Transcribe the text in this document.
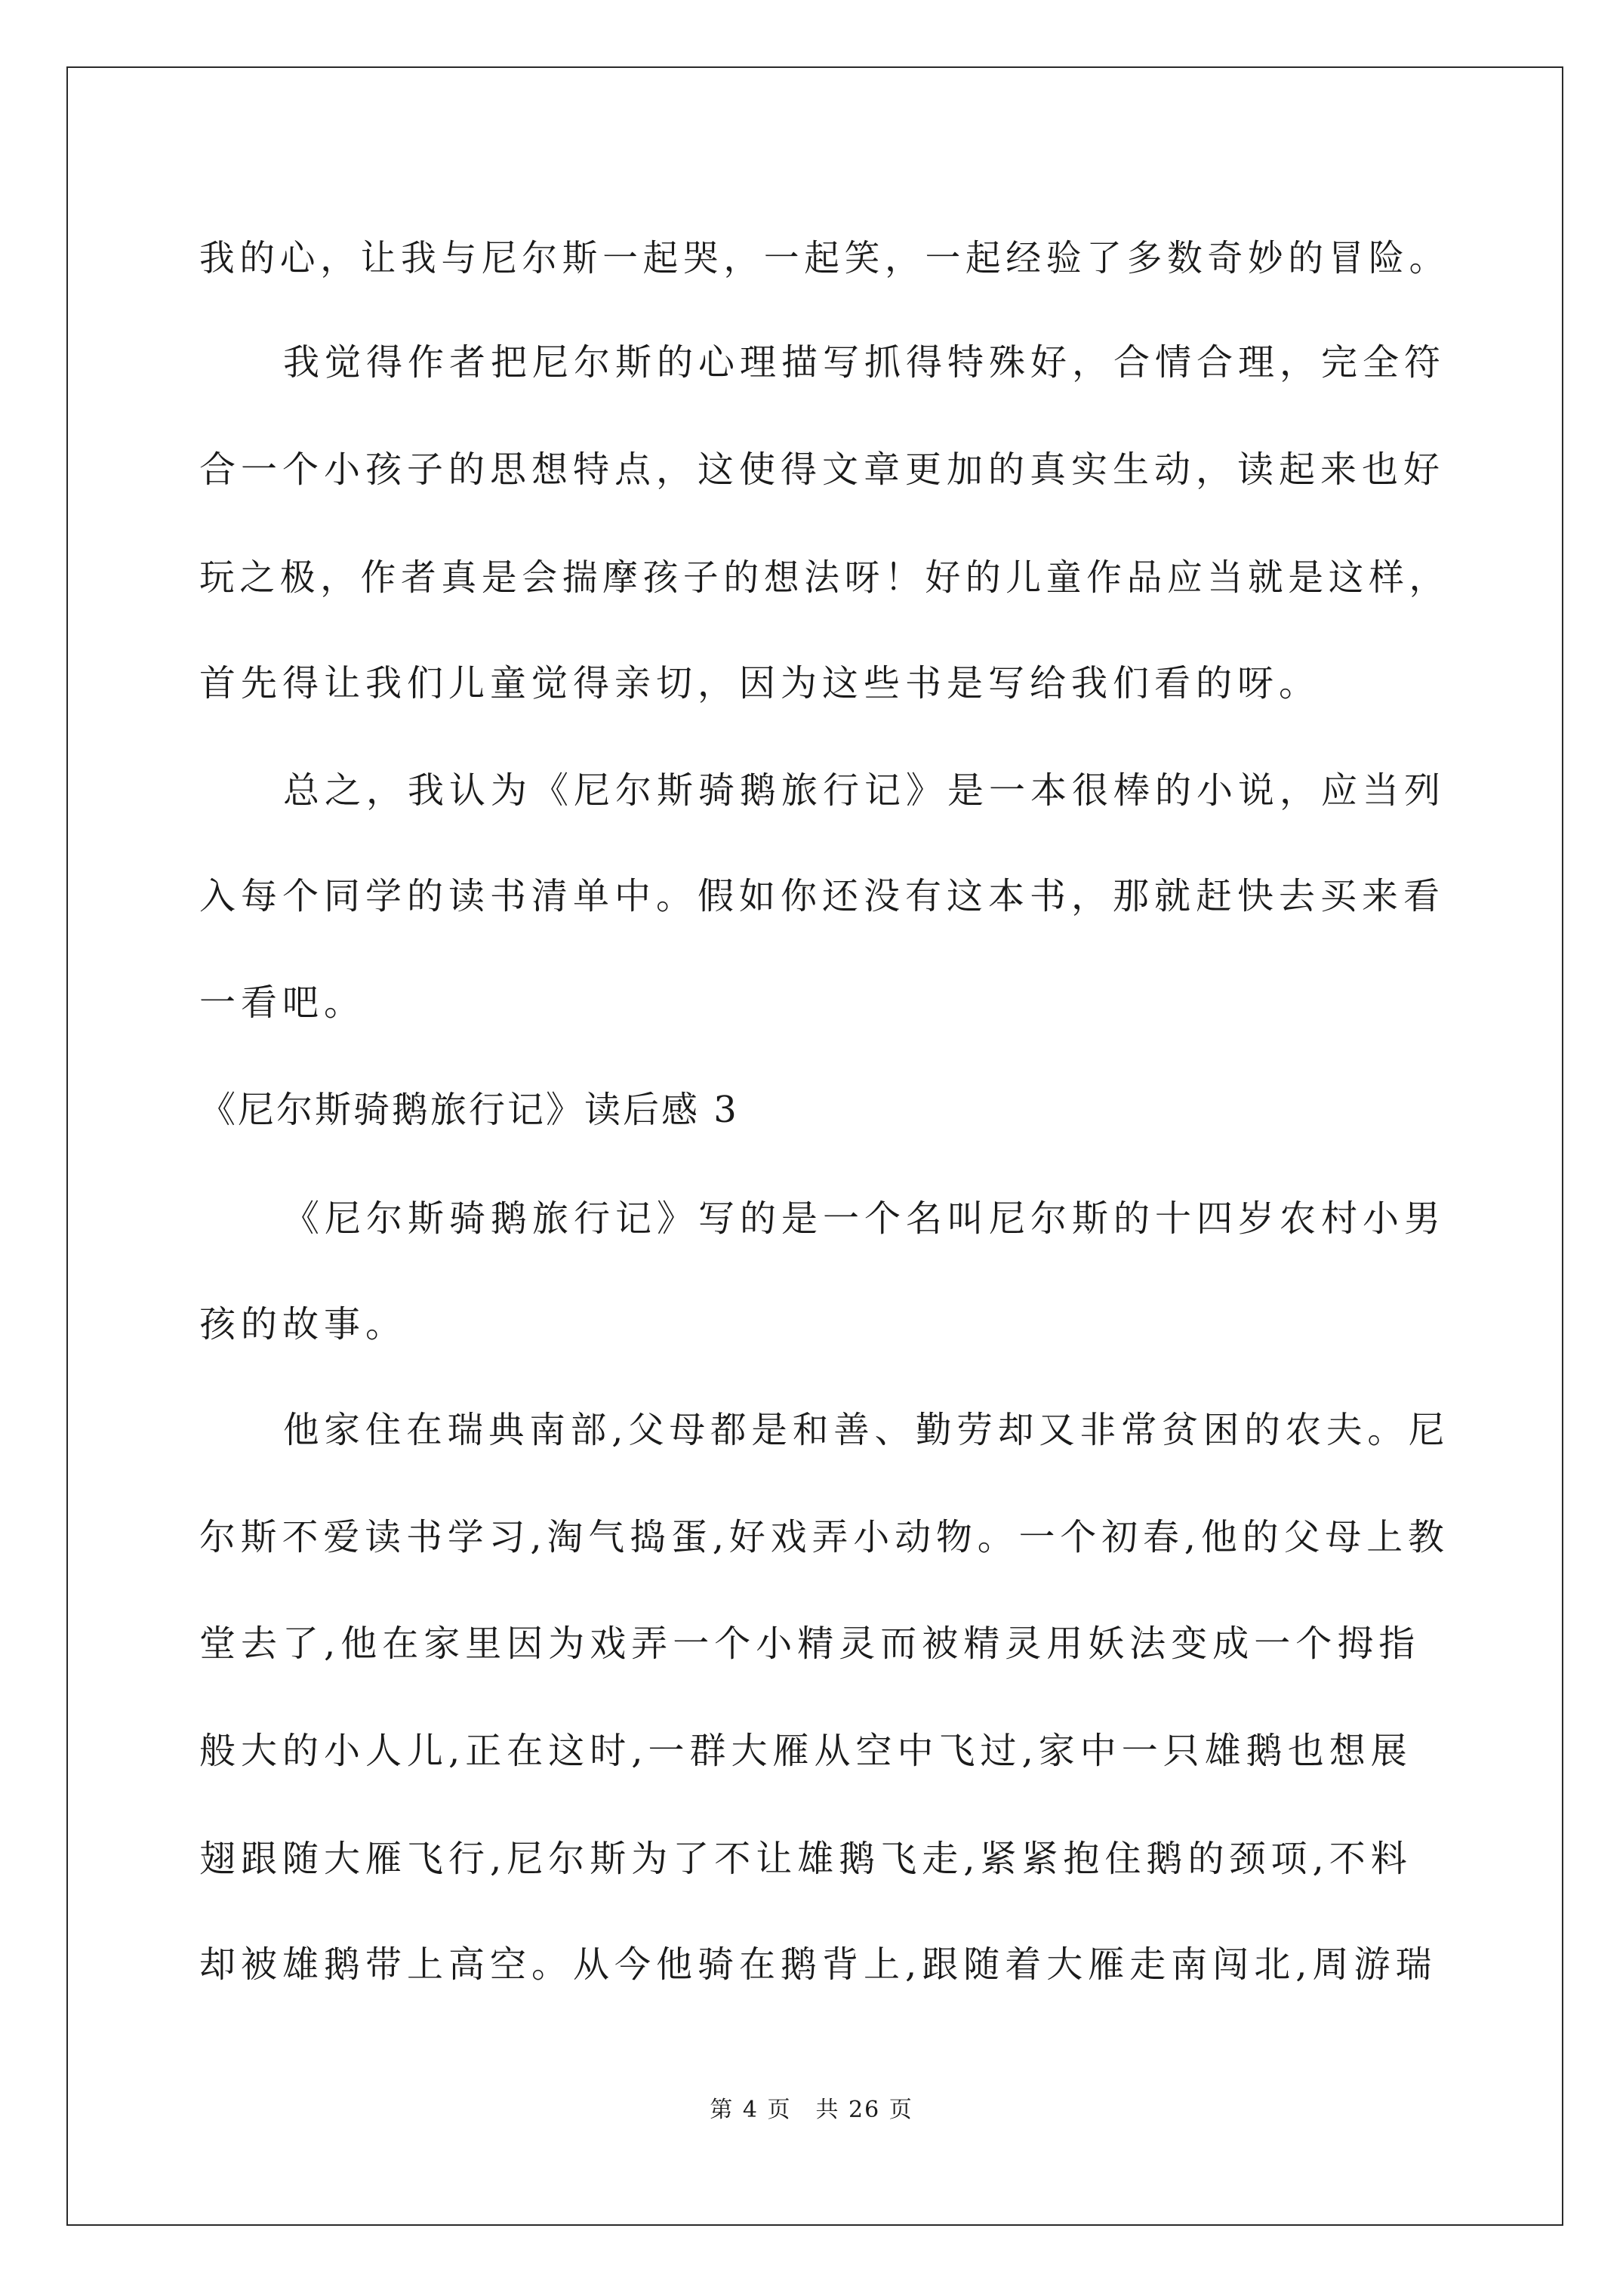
我的心，让我与尼尔斯一起哭，一起笑，一起经验了多数奇妙的冒险。
我觉得作者把尼尔斯的心理描写抓得特殊好，合情合理，完全符
合一个小孩子的思想特点，这使得文章更加的真实生动，读起来也好
玩之极，作者真是会揣摩孩子的想法呀！好的儿童作品应当就是这样，
首先得让我们儿童觉得亲切，因为这些书是写给我们看的呀。
总之，我认为《尼尔斯骑鹅旅行记》是一本很棒的小说，应当列
入每个同学的读书清单中。假如你还没有这本书，那就赶快去买来看
一看吧。
《尼尔斯骑鹅旅行记》读后感 3
《尼尔斯骑鹅旅行记》写的是一个名叫尼尔斯的十四岁农村小男
孩的故事。
他家住在瑞典南部,父母都是和善、勤劳却又非常贫困的农夫。尼
尔斯不爱读书学习,淘气捣蛋,好戏弄小动物。一个初春,他的父母上教
堂去了,他在家里因为戏弄一个小精灵而被精灵用妖法变成一个拇指
般大的小人儿,正在这时,一群大雁从空中飞过,家中一只雄鹅也想展
翅跟随大雁飞行,尼尔斯为了不让雄鹅飞走,紧紧抱住鹅的颈项,不料
却被雄鹅带上高空。从今他骑在鹅背上,跟随着大雁走南闯北,周游瑞
第 4 页　共 26 页
